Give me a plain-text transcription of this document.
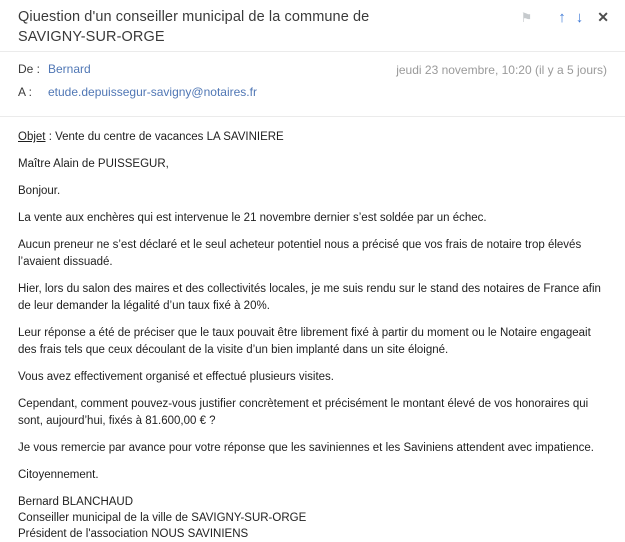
Qiuestion d'un conseiller municipal de la commune de SAVIGNY-SUR-ORGE
⚑ ↑ ↓ ✕
De : Bernard
A :	etude.depuissegur-savigny@notaires.fr
jeudi 23 novembre, 10:20 (il y a 5 jours)

Objet : Vente du centre de vacances LA SAVINIERE

Maître Alain de PUISSEGUR,

Bonjour.

La vente aux enchères qui est intervenue le 21 novembre dernier s’est soldée par un échec.

Aucun preneur ne s’est déclaré et le seul acheteur potentiel nous a précisé que vos frais de notaire trop élevés l’avaient dissuadé.

Hier, lors du salon des maires et des collectivités locales, je me suis rendu sur le stand des notaires de France afin de leur demander la légalité d’un taux fixé à 20%.

Leur réponse a été de préciser que le taux pouvait être librement fixé à partir du moment ou le Notaire engageait des frais tels que ceux découlant de la visite d’un bien implanté dans un site éloigné.

Vous avez effectivement organisé et effectué plusieurs visites.

Cependant, comment pouvez-vous justifier concrètement et précisément le montant élevé de vos honoraires qui sont, aujourd’hui, fixés à 81.600,00 € ?

Je vous remercie par avance pour votre réponse que les saviniennes et les Saviniens attendent avec impatience.

Citoyennement.

Bernard BLANCHAUD
Conseiller municipal de la ville de SAVIGNY-SUR-ORGE
Président de l'association NOUS SAVINIENS
